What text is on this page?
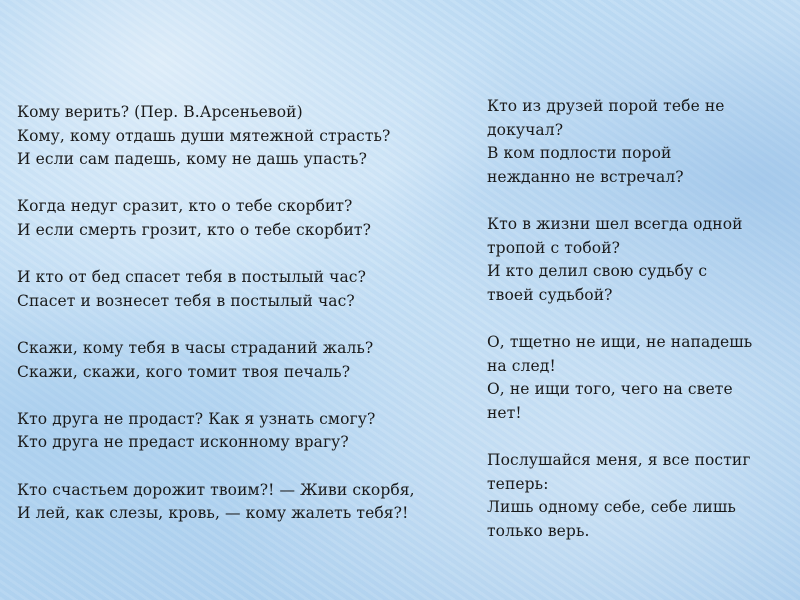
Кому верить? (Пер. В.Арсеньевой)
Кому, кому отдашь души мятежной страсть?
И если сам падешь, кому не дашь упасть?
Когда недуг сразит, кто о тебе скорбит?
И если смерть грозит, кто о тебе скорбит?
И кто от бед спасет тебя в постылый час?
Спасет и вознесет тебя в постылый час?
Скажи, кому тебя в часы страданий жаль?
Скажи, скажи, кого томит твоя печаль?
Кто друга не продаст? Как я узнать смогу?
Кто друга не предаст исконному врагу?
Кто счастьем дорожит твоим?! — Живи скорбя,
И лей, как слезы, кровь, — кому жалеть тебя?!
Кто из друзей порой тебе не
докучал?
В ком подлости порой
нежданно не встречал?
Кто в жизни шел всегда одной
тропой с тобой?
И кто делил свою судьбу с
твоей судьбой?
О, тщетно не ищи, не нападешь
на след!
О, не ищи того, чего на свете
нет!
Послушайся меня, я все постиг
теперь:
Лишь одному себе, себе лишь
только верь.
